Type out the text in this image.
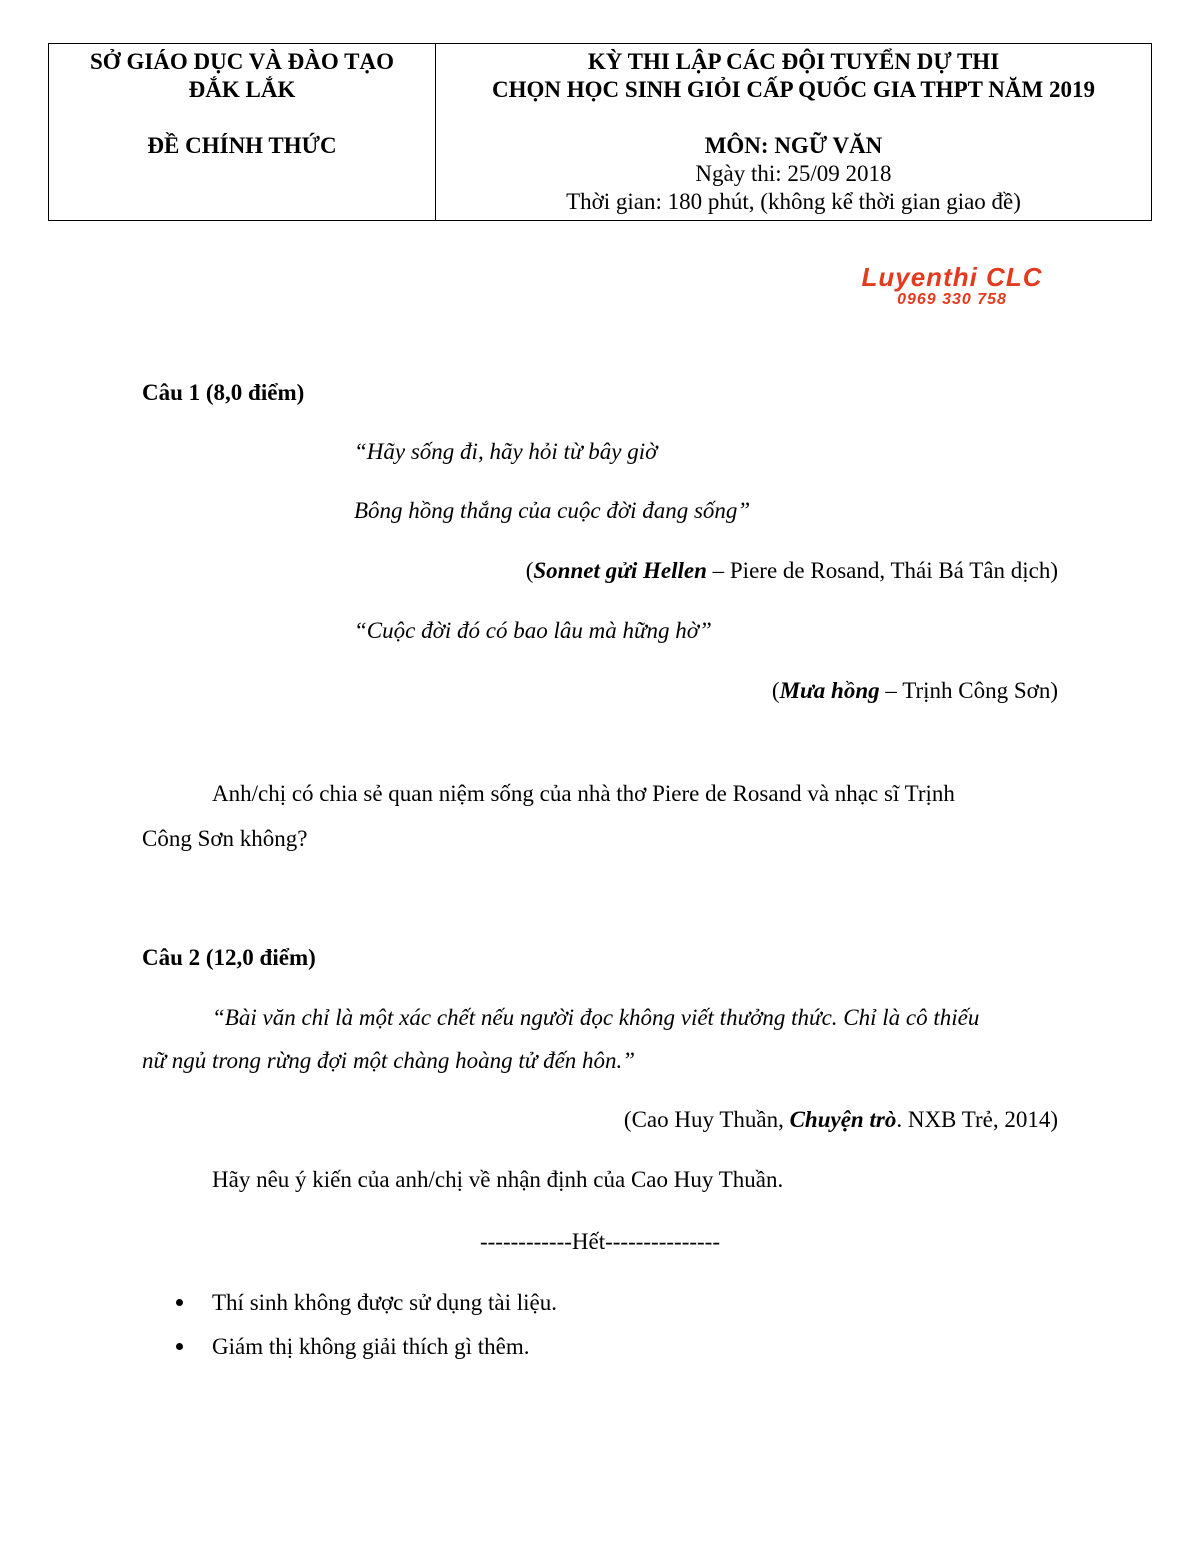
SỞ GIÁO DỤC VÀ ĐÀO TẠO
ĐẮK LẮK
ĐỀ CHÍNH THỨC
KỲ THI LẬP CÁC ĐỘI TUYỂN DỰ THI
CHỌN HỌC SINH GIỎI CẤP QUỐC GIA THPT NĂM 2019
MÔN: NGỮ VĂN
Ngày thi: 25/09 2018
Thời gian: 180 phút, (không kể thời gian giao đề)
Luyenthi CLC
0969 330 758
Câu 1 (8,0 điểm)
“Hãy sống đi, hãy hỏi từ bây giờ
Bông hồng thắng của cuộc đời đang sống”
(Sonnet gửi Hellen – Piere de Rosand, Thái Bá Tân dịch)
“Cuộc đời đó có bao lâu mà hững hờ”
(Mưa hồng – Trịnh Công Sơn)
Anh/chị có chia sẻ quan niệm sống của nhà thơ Piere de Rosand và nhạc sĩ Trịnh
Công Sơn không?
Câu 2 (12,0 điểm)
“Bài văn chỉ là một xác chết nếu người đọc không viết thưởng thức. Chỉ là cô thiếu
nữ ngủ trong rừng đợi một chàng hoàng tử đến hôn.”
(Cao Huy Thuần, Chuyện trò. NXB Trẻ, 2014)
Hãy nêu ý kiến của anh/chị về nhận định của Cao Huy Thuần.
------------Hết---------------
Thí sinh không được sử dụng tài liệu.
Giám thị không giải thích gì thêm.
